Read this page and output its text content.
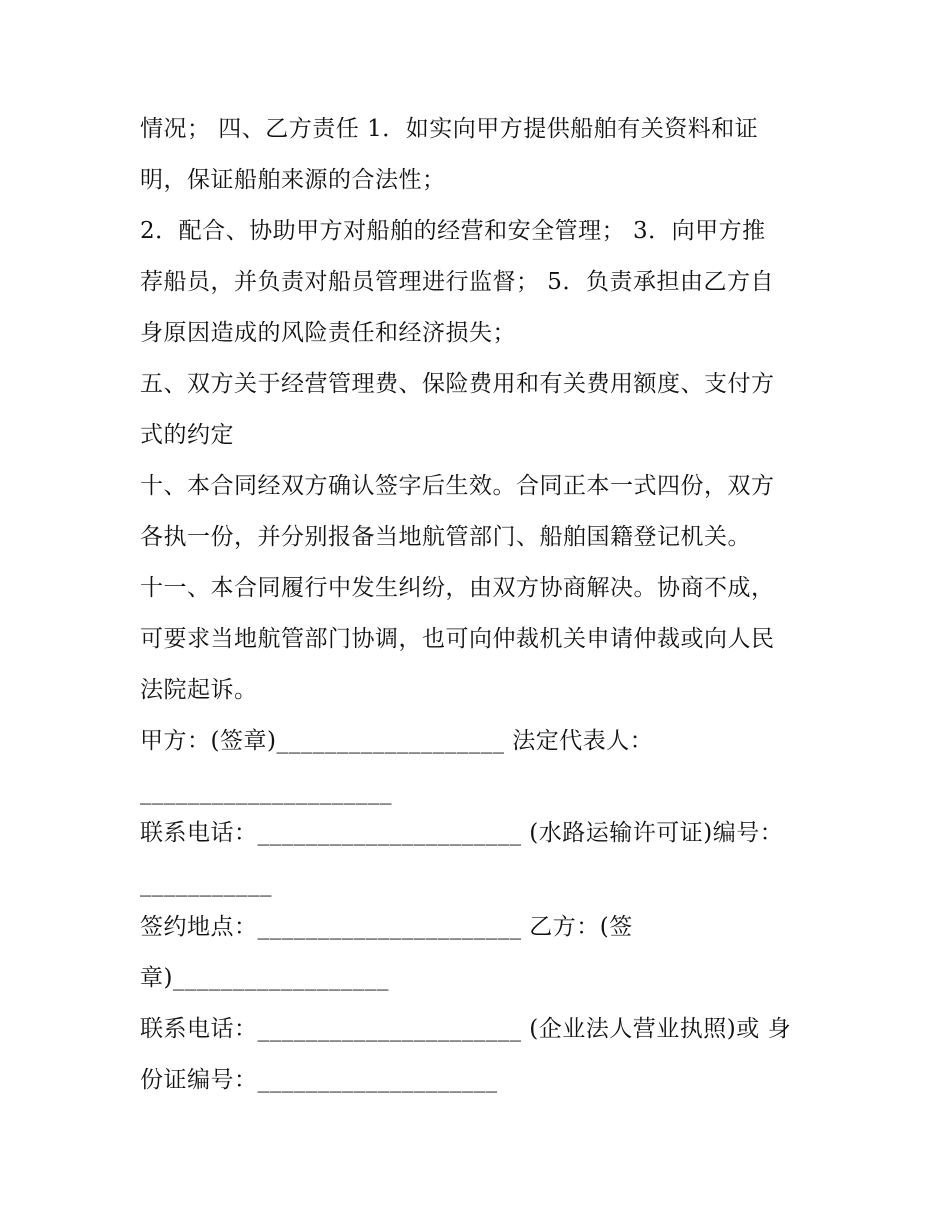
情况； 四、乙方责任 1．如实向甲方提供船舶有关资料和证
明，保证船舶来源的合法性；
2．配合、协助甲方对船舶的经营和安全管理； 3．向甲方推
荐船员，并负责对船员管理进行监督； 5．负责承担由乙方自
身原因造成的风险责任和经济损失；
五、双方关于经营管理费、保险费用和有关费用额度、支付方
式的约定
十、本合同经双方确认签字后生效。合同正本一式四份，双方
各执一份，并分别报备当地航管部门、船舶国籍登记机关。
十一、本合同履行中发生纠纷，由双方协商解决。协商不成，
可要求当地航管部门协调，也可向仲裁机关申请仲裁或向人民
法院起诉。
甲方：(签章)___________________ 法定代表人：
_____________________
联系电话：______________________ (水路运输许可证)编号：
___________
签约地点：______________________ 乙方：(签
章)__________________
联系电话：______________________ (企业法人营业执照)或 身
份证编号：____________________
